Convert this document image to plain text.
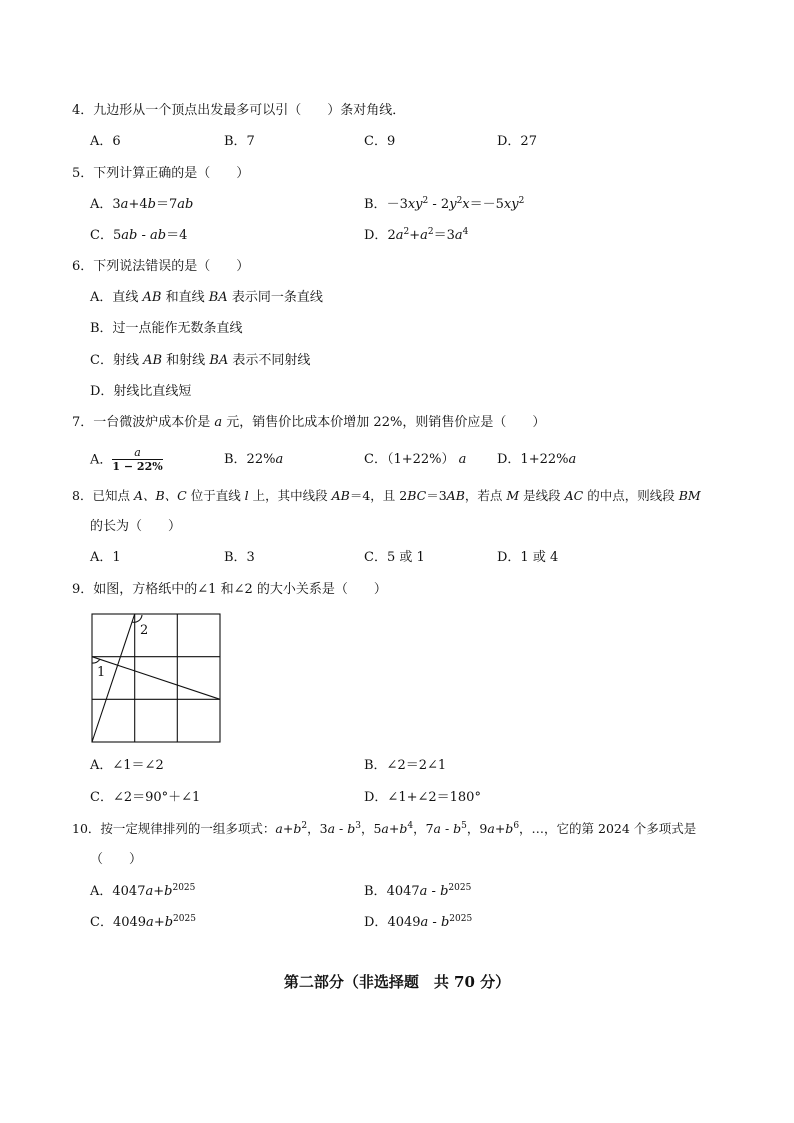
4．九边形从一个顶点出发最多可以引（　　）条对角线．
A．6	B．7	C．9	D．27
5．下列计算正确的是（　　）
A．3a+4b＝7ab	B．$-3xy^2 - 2y^2x=-5xy^2$
C．5ab - ab＝4	D．$2a^2+a^2=3a^4$
6．下列说法错误的是（　　）
A．直线 AB 和直线 BA 表示同一条直线
B．过一点能作无数条直线
C．射线 AB 和射线 BA 表示不同射线
D．射线比直线短
7．一台微波炉成本价是 a 元，销售价比成本价增加 22%，则销售价应是（　　）
A． $\frac{a}{1 - 22\%}$	B．22%a	C．（1+22%） a D．1+22%a
8．已知点 A、B、C 位于直线 l 上，其中线段 AB＝4，且 2BC＝3AB，若点 M 是线段 AC 的中点，则线段 BM
的长为（　　）
A．1	B．3	C．5 或 1	D．1 或 4
9．如图，方格纸中的∠1 和∠2 的大小关系是（　　）
1
2
A．∠1＝∠2	B．∠2＝2∠1
C．∠2＝90°＋∠1	D．∠1+∠2＝180°
10．按一定规律排列的一组多项式：$a+b^2$，$3a - b^3$，$5a+b^4$，$7a - b^5$，$9a+b^6$，…，它的第 2024 个多项式是
（　　）
A．$4047a+b^{2025}$	B．$4047a - b^{2025}$
C．$4049a+b^{2025}$	D．$4049a - b^{2025}$
第二部分（非选择题　共 70 分）
